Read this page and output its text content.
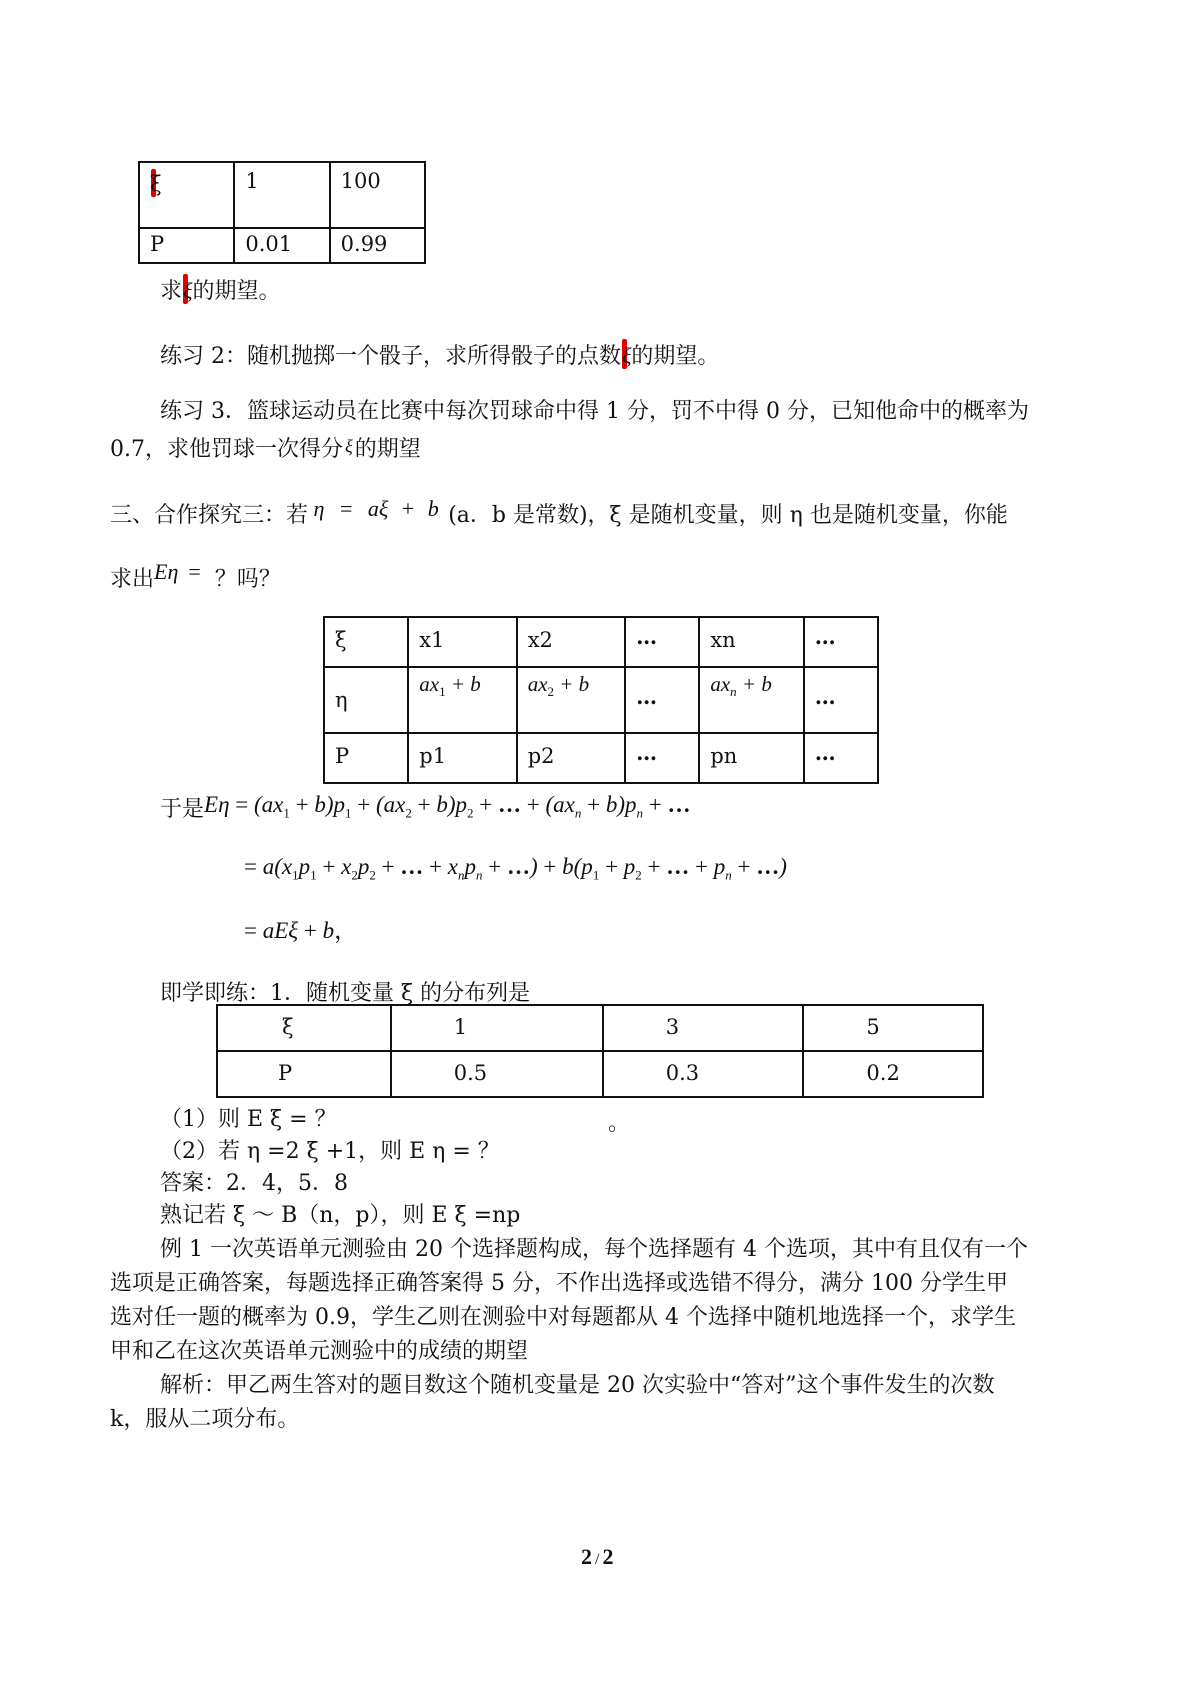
ξ	1	100
P	0.01	0.99
求ξ的期望。
练习 2：随机抛掷一个骰子，求所得骰子的点数ξ的期望。
练习 3．篮球运动员在比赛中每次罚球命中得 1 分，罚不中得 0 分，已知他命中的概率为
0.7，求他罚球一次得分 ξ的期望
三、合作探究三：若 η = aξ + b (a．b 是常数)，ξ 是随机变量，则 η 也是随机变量，你能
求出Eη = ？吗？
ξ	x1	x2	…	xn	…
η	$ax_1 + b$	$ax_2 + b$	…	$ax_n + b$	…
P	p1	p2	…	pn	…
于是$E\eta = (ax_1 + b)p_1 + (ax_2 + b)p_2$ + … + $(ax_n + b)p_n$ + …
= $a(x_1p_1 + x_2p_2$ + … + $x_np_n$ + …) + $b(p_1 + p_2$ + … + $p_n$ + …)
= aEξ + b，
即学即练：1．随机变量 ξ 的分布列是
ξ	1	3	5
P	0.5	0.3	0.2
（1）则 E ξ = ？	。
（2）若 η =2 ξ +1，则 E η = ？
答案：2．4，5．8
熟记若 ξ ～ B（n，p），则 E ξ =np
例 1 一次英语单元测验由 20 个选择题构成，每个选择题有 4 个选项，其中有且仅有一个
选项是正确答案，每题选择正确答案得 5 分，不作出选择或选错不得分，满分 100 分学生甲
选对任一题的概率为 0.9，学生乙则在测验中对每题都从 4 个选择中随机地选择一个，求学生
甲和乙在这次英语单元测验中的成绩的期望
解析：甲乙两生答对的题目数这个随机变量是 20 次实验中“答对”这个事件发生的次数
k，服从二项分布。
2 / 2
